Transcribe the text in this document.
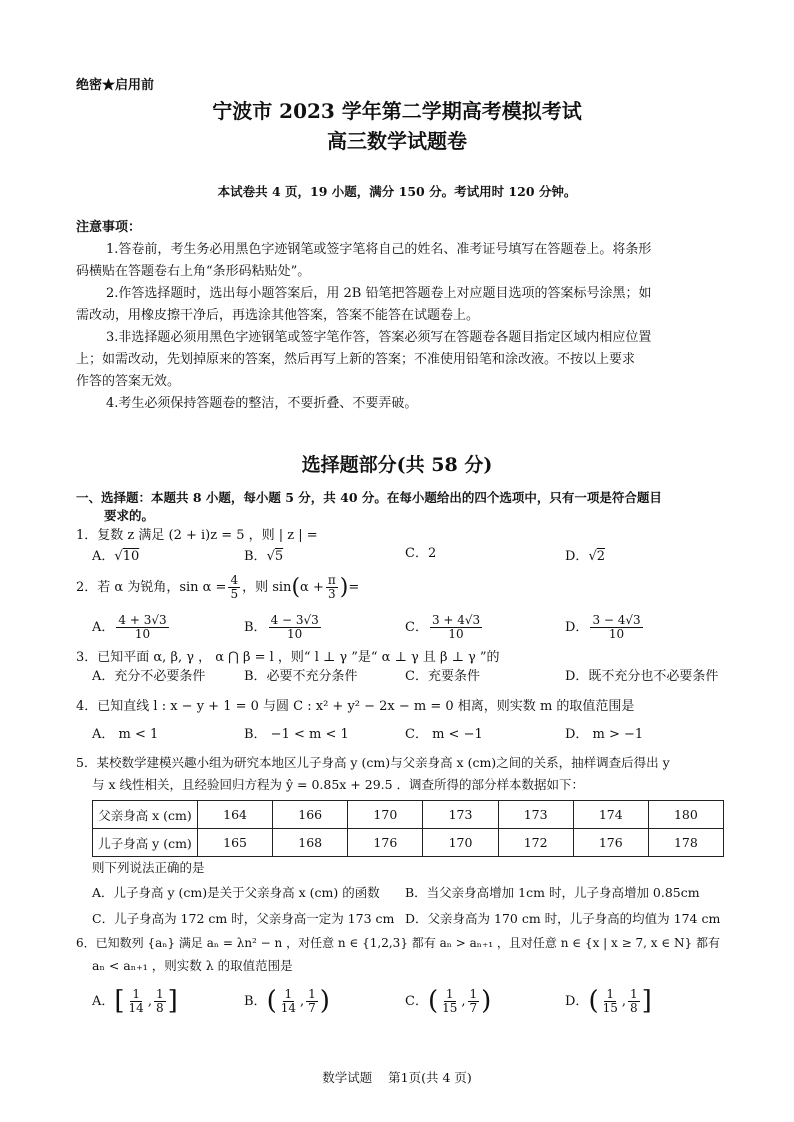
绝密★启用前
宁波市 2023 学年第二学期高考模拟考试
高三数学试题卷
本试卷共 4 页，19 小题，满分 150 分。考试用时 120 分钟。
注意事项：
1.答卷前，考生务必用黑色字迹钢笔或签字笔将自己的姓名、准考证号填写在答题卷上。将条形
码横贴在答题卷右上角“条形码粘贴处”。
2.作答选择题时，选出每小题答案后，用 2B 铅笔把答题卷上对应题目选项的答案标号涂黑；如
需改动，用橡皮擦干净后，再选涂其他答案，答案不能答在试题卷上。
3.非选择题必须用黑色字迹钢笔或签字笔作答，答案必须写在答题卷各题目指定区域内相应位置
上；如需改动，先划掉原来的答案，然后再写上新的答案；不准使用铅笔和涂改液。不按以上要求
作答的答案无效。
4.考生必须保持答题卷的整洁，不要折叠、不要弄破。
选择题部分(共 58 分)
一、选择题：本题共 8 小题，每小题 5 分，共 40 分。在每小题给出的四个选项中，只有一项是符合题目
要求的。
1．复数 z 满足 (2 + i)z = 5 ，则 | z | =
A．√10	B．√5	C．2	D．√2
2．若 α 为锐角，$\sin \alpha = \frac{4}{5}$ ，则 sin ( $\alpha + \frac{\pi}{3}$ ) =
A． $\frac{4 + 3√3}{10}$	B． $\frac{4 - 3√3}{10}$	C． $\frac{3 + 4√3}{10}$	D． $\frac{3 - 4√3}{10}$
3．已知平面 α, β, γ ， α ⋂ β = l ，则“ l ⊥ γ ”是“ α ⊥ γ 且 β ⊥ γ ”的
A．充分不必要条件	B．必要不充分条件	C．充要条件	D．既不充分也不必要条件
4．已知直线 l : x − y + 1 = 0 与圆 C : x² + y² − 2x − m = 0 相离，则实数 m 的取值范围是
A． m < 1	B． −1 < m < 1	C． m < −1	D． m > −1
5．某校数学建模兴趣小组为研究本地区儿子身高 y (cm)与父亲身高 x (cm)之间的关系，抽样调查后得出 y
与 x 线性相关，且经验回归方程为 ŷ = 0.85x + 29.5 ．调查所得的部分样本数据如下：
父亲身高 x (cm)	164	166	170	173	173	174	180
儿子身高 y (cm)	165	168	176	170	172	176	178
则下列说法正确的是
A．儿子身高 y (cm)是关于父亲身高 x (cm) 的函数 B．当父亲身高增加 1cm 时，儿子身高增加 0.85cm
C．儿子身高为 172 cm 时，父亲身高一定为 173 cm D．父亲身高为 170 cm 时，儿子身高的均值为 174 cm
6．已知数列 {aₙ} 满足 aₙ = λn² − n ，对任意 n ∈ {1,2,3} 都有 aₙ > aₙ₊₁ ，且对任意 n ∈ {x | x ≥ 7, x ∈ N} 都有
aₙ < aₙ₊₁ ，则实数 λ 的取值范围是
A． [ $\frac{1}{14}$ , $\frac{1}{8}$ ]	B． ( $\frac{1}{14}$ , $\frac{1}{7}$ )	C． ( $\frac{1}{15}$ , $\frac{1}{7}$ )	D． ( $\frac{1}{15}$ , $\frac{1}{8}$ ]
数学试题    第1页(共 4 页)
